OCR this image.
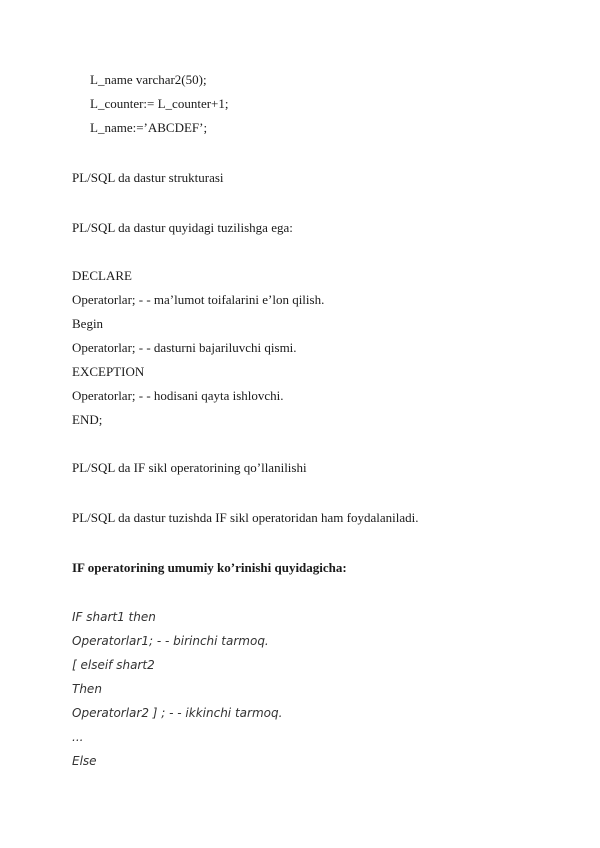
L_name varchar2(50);
L_counter:= L_counter+1;
L_name:=’ABCDEF’;
PL/SQL da dastur strukturasi
PL/SQL da dastur quyidagi tuzilishga ega:
DECLARE
Operatorlar; - - ma’lumot toifalarini e’lon qilish.
Begin
Operatorlar; - - dasturni bajariluvchi qismi.
EXCEPTION
Operatorlar; - - hodisani qayta ishlovchi.
END;
PL/SQL da IF sikl operatorining qo’llanilishi
PL/SQL da dastur tuzishda IF sikl operatoridan ham foydalaniladi.
IF operatorining umumiy ko’rinishi quyidagicha:
IF shart1 then
Operatorlar1; - - birinchi tarmoq.
[ elseif shart2
Then
Operatorlar2 ] ; - - ikkinchi tarmoq.
...
Else
